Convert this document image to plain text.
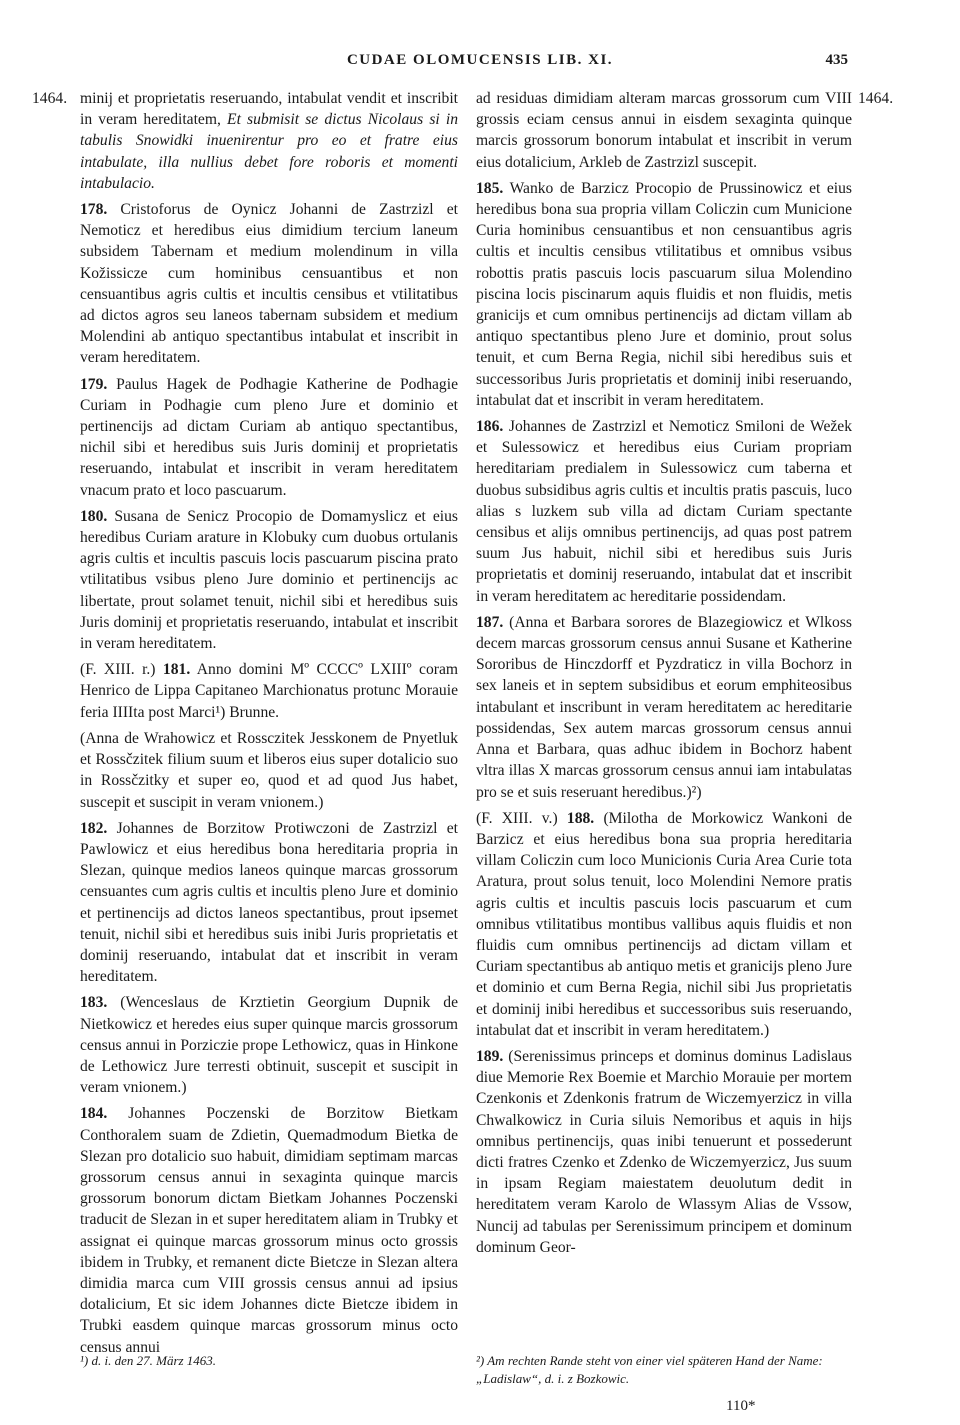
CUDAE OLOMUCENSIS LIB. XI.	435
1464.	1464.

minij et proprietatis reseruando, intabulat vendit et inscribit in veram hereditatem, Et submisit se dictus Nicolaus si in tabulis Snowidki inuenirentur pro eo et fratre eius intabulate, illa nullius debet fore roboris et momenti intabulacio.

178. Cristoforus de Oynicz Johanni de Zastrzizl et Nemoticz et heredibus eius dimidium tercium laneum subsidem Tabernam et medium molendinum in villa Kožissicze cum hominibus censuantibus et non censuantibus agris cultis et incultis censibus et vtilitatibus ad dictos agros seu laneos tabernam subsidem et medium Molendini ab antiquo spectantibus intabulat et inscribit in veram hereditatem.

179. Paulus Hagek de Podhagie Katherine de Podhagie Curiam in Podhagie cum pleno Jure et dominio et pertinencijs ad dictam Curiam ab antiquo spectantibus, nichil sibi et heredibus suis Juris dominij et proprietatis reseruando, intabulat et inscribit in veram hereditatem vnacum prato et loco pascuarum.

180. Susana de Senicz Procopio de Domamyslicz et eius heredibus Curiam arature in Klobuky cum duobus ortulanis agris cultis et incultis pascuis locis pascuarum piscina prato vtilitatibus vsibus pleno Jure dominio et pertinencijs ac libertate, prout solamet tenuit, nichil sibi et heredibus suis Juris dominij et proprietatis reseruando, intabulat et inscribit in veram hereditatem.

(F. XIII. r.) 181. Anno domini Mº CCCCº LXIIIº coram Henrico de Lippa Capitaneo Marchionatus protunc Morauie feria IIIIta post Marci¹) Brunne.

(Anna de Wrahowicz et Rossczitek Jesskonem de Pnyetluk et Rossčzitek filium suum et liberos eius super dotalicio suo in Rossčzitky et super eo, quod et ad quod Jus habet, suscepit et suscipit in veram vnionem.)

182. Johannes de Borzitow Protiwczoni de Zastrzizl et Pawlowicz et eius heredibus bona hereditaria propria in Slezan, quinque medios laneos quinque marcas grossorum censuantes cum agris cultis et incultis pleno Jure et dominio et pertinencijs ad dictos laneos spectantibus, prout ipsemet tenuit, nichil sibi et heredibus suis inibi Juris proprietatis et dominij reseruando, intabulat dat et inscribit in veram hereditatem.

183. (Wenceslaus de Krztietin Georgium Dupnik de Nietkowicz et heredes eius super quinque marcis grossorum census annui in Porziczie prope Lethowicz, quas in Hinkone de Lethowicz Jure terresti obtinuit, suscepit et suscipit in veram vnionem.)

184. Johannes Poczenski de Borzitow Bietkam Conthoralem suam de Zdietin, Quemadmodum Bietka de Slezan pro dotalicio suo habuit, dimidiam septimam marcas grossorum census annui in sexaginta quinque marcis grossorum bonorum dictam Bietkam Johannes Poczenski traducit de Slezan in et super hereditatem aliam in Trubky et assignat ei quinque marcas grossorum minus octo grossis ibidem in Trubky, et remanent dicte Bietcze in Slezan altera dimidia marca cum VIII grossis census annui ad ipsius dotalicium, Et sic idem Johannes dicte Bietcze ibidem in Trubki easdem quinque marcas grossorum minus octo census annui

ad residuas dimidiam alteram marcas grossorum cum VIII grossis eciam census annui in eisdem sexaginta quinque marcis grossorum bonorum intabulat et inscribit in verum eius dotalicium, Arkleb de Zastrzizl suscepit.

185. Wanko de Barzicz Procopio de Prussinowicz et eius heredibus bona sua propria villam Coliczin cum Municione Curia hominibus censuantibus et non censuantibus agris cultis et incultis censibus vtilitatibus et omnibus vsibus robottis pratis pascuis locis pascuarum silua Molendino piscina locis piscinarum aquis fluidis et non fluidis, metis granicijs et cum omnibus pertinencijs ad dictam villam ab antiquo spectantibus pleno Jure et dominio, prout solus tenuit, et cum Berna Regia, nichil sibi heredibus suis et successoribus Juris proprietatis et dominij inibi reseruando, intabulat dat et inscribit in veram hereditatem.

186. Johannes de Zastrzizl et Nemoticz Smiloni de Wežek et Sulessowicz et heredibus eius Curiam propriam hereditariam predialem in Sulessowicz cum taberna et duobus subsidibus agris cultis et incultis pratis pascuis, luco alias s luzkem sub villa ad dictam Curiam spectante censibus et alijs omnibus pertinencijs, ad quas post patrem suum Jus habuit, nichil sibi et heredibus suis Juris proprietatis et dominij reseruando, intabulat dat et inscribit in veram hereditatem ac hereditarie possidendam.

187. (Anna et Barbara sorores de Blazegiowicz et Wlkoss decem marcas grossorum census annui Susane et Katherine Sororibus de Hinczdorff et Pyzdraticz in villa Bochorz in sex laneis et in septem subsidibus et eorum emphiteosibus intabulant et inscribunt in veram hereditatem ac hereditarie possidendas, Sex autem marcas grossorum census annui Anna et Barbara, quas adhuc ibidem in Bochorz habent vltra illas X marcas grossorum census annui iam intabulatas pro se et suis reseruant heredibus.)²)

(F. XIII. v.) 188. (Milotha de Morkowicz Wankoni de Barzicz et eius heredibus bona sua propria hereditaria villam Coliczin cum loco Municionis Curia Area Curie tota Aratura, prout solus tenuit, loco Molendini Nemore pratis agris cultis et incultis pascuis locis pascuarum et cum omnibus vtilitatibus montibus vallibus aquis fluidis et non fluidis cum omnibus pertinencijs ad dictam villam et Curiam spectantibus ab antiquo metis et granicijs pleno Jure et dominio et cum Berna Regia, nichil sibi Jus proprietatis et dominij inibi heredibus et successoribus suis reseruando, intabulat dat et inscribit in veram hereditatem.)

189. (Serenissimus princeps et dominus dominus Ladislaus diue Memorie Rex Boemie et Marchio Morauie per mortem Czenkonis et Zdenkonis fratrum de Wiczemyerzicz in villa Chwalkowicz in Curia siluis Nemoribus et aquis in hijs omnibus pertinencijs, quas inibi tenuerunt et possederunt dicti fratres Czenko et Zdenko de Wiczemyerzicz, Jus suum in ipsam Regiam maiestatem deuolutum dedit in hereditatem veram Karolo de Wlassym Alias de Vssow, Nuncij ad tabulas per Serenissimum principem et dominum dominum Geor-

¹) d. i. den 27. März 1463.	²) Am rechten Rande steht von einer viel späteren Hand der Name: „Ladislaw“, d. i. z Bozkowic.
110*
